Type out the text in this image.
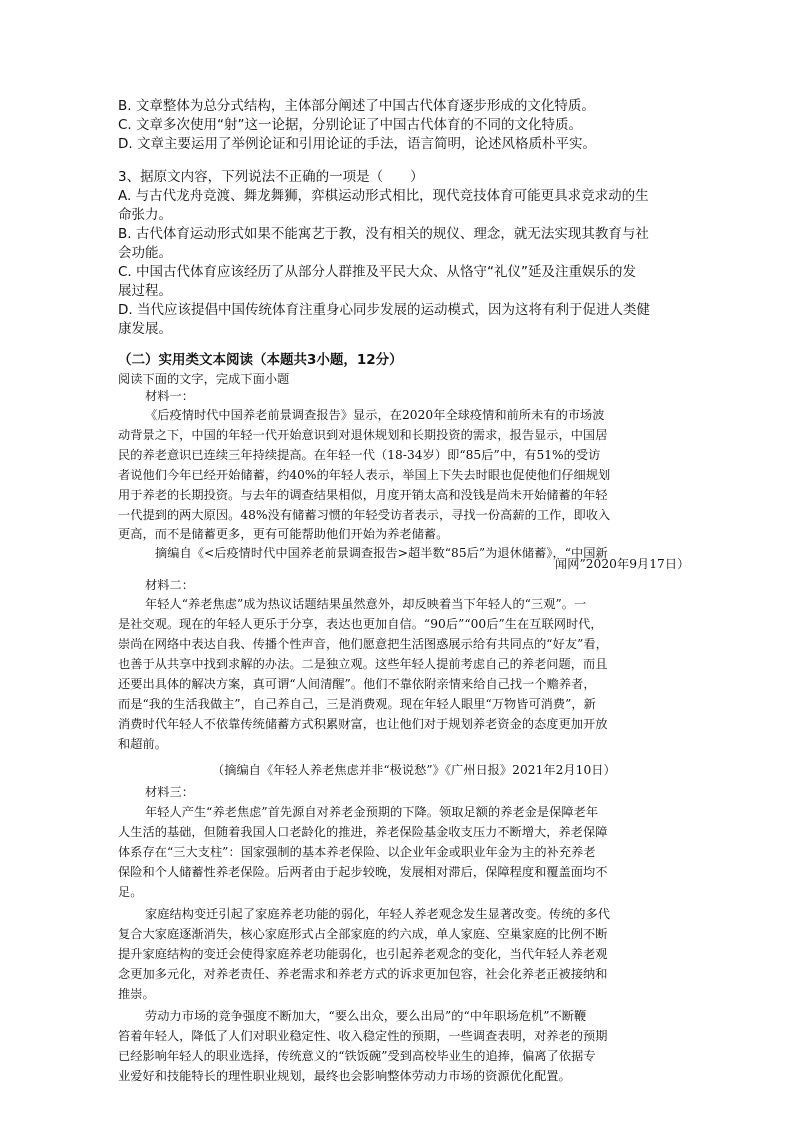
B. 文章整体为总分式结构，主体部分阐述了中国古代体育逐步形成的文化特质。
C. 文章多次使用“射”这一论据，分别论证了中国古代体育的不同的文化特质。
D. 文章主要运用了举例论证和引用论证的手法，语言简明，论述风格质朴平实。
3、据原文内容，下列说法不正确的一项是（　　）
A. 与古代龙舟竞渡、舞龙舞狮，弈棋运动形式相比，现代竞技体育可能更具求竞求动的生
命张力。
B. 古代体育运动形式如果不能寓艺于教，没有相关的规仪、理念，就无法实现其教育与社
会功能。
C. 中国古代体育应该经历了从部分人群推及平民大众、从恪守“礼仪”延及注重娱乐的发
展过程。
D. 当代应该提倡中国传统体育注重身心同步发展的运动模式，因为这将有利于促进人类健
康发展。
（二）实用类文本阅读（本题共3小题，12分）
阅读下面的文字，完成下面小题
材料一：
《后疫情时代中国养老前景调查报告》显示，在2020年全球疫情和前所未有的市场波
动背景之下，中国的年轻一代开始意识到对退休规划和长期投资的需求，报告显示，中国居
民的养老意识已连续三年持续提高。在年轻一代（18-34岁）即“85后”中，有51%的受访
者说他们今年已经开始储蓄，约40%的年轻人表示，举国上下失去时眼也促使他们仔细规划
用于养老的长期投资。与去年的调查结果相似，月度开销太高和没钱是尚未开始储蓄的年轻
一代提到的两大原因。48%没有储蓄习惯的年轻受访者表示，寻找一份高薪的工作，即收入
更高，而不是储蓄更多，更有可能帮助他们开始为养老储蓄。
摘编自《<后疫情时代中国养老前景调查报告>超半数“85后”为退休储蓄》，“中国新
闻网”2020年9月17日）
材料二：
年轻人“养老焦虑”成为热议话题结果虽然意外，却反映着当下年轻人的“三观”。一
是社交观。现在的年轻人更乐于分享，表达也更加自信。“90后”“00后”生在互联网时代，
崇尚在网络中表达自我、传播个性声音，他们愿意把生活图惑展示给有共同点的“好友”看，
也善于从共享中找到求解的办法。二是独立观。这些年轻人提前考虑自己的养老问题，而且
还要出具体的解决方案，真可谓“人间清醒”。他们不靠依附亲情来给自己找一个赡养者，
而是“我的生活我做主”，自己养自己，三是消费观。现在年轻人眼里“万物皆可消费”，新
消费时代年轻人不依靠传统储蓄方式积累财富，也让他们对于规划养老资金的态度更加开放
和超前。
（摘编自《年轻人养老焦虑并非“极说愁”》《广州日报》2021年2月10日）
材料三：
年轻人产生“养老焦虑”首先源自对养老金预期的下降。领取足额的养老金是保障老年
人生活的基础，但随着我国人口老龄化的推进，养老保险基金收支压力不断增大，养老保障
体系存在“三大支柱”：国家强制的基本养老保险、以企业年金或职业年金为主的补充养老
保险和个人储蓄性养老保险。后两者由于起步较晚，发展相对滞后，保障程度和覆盖面均不
足。
家庭结构变迁引起了家庭养老功能的弱化，年轻人养老观念发生显著改变。传统的多代
复合大家庭逐渐消失，核心家庭形式占全部家庭的约六成，单人家庭、空巢家庭的比例不断
提升家庭结构的变迁会使得家庭养老功能弱化，也引起养老观念的变化，当代年轻人养老观
念更加多元化，对养老责任、养老需求和养老方式的诉求更加包容，社会化养老正被接纳和
推崇。
劳动力市场的竞争强度不断加大，“要么出众，要么出局”的“中年职场危机”不断鞭
笞着年轻人，降低了人们对职业稳定性、收入稳定性的预期，一些调查表明，对养老的预期
已经影响年轻人的职业选择，传统意义的“铁饭碗”受到高校毕业生的追捧，偏离了依据专
业爱好和技能特长的理性职业规划，最终也会影响整体劳动力市场的资源优化配置。
